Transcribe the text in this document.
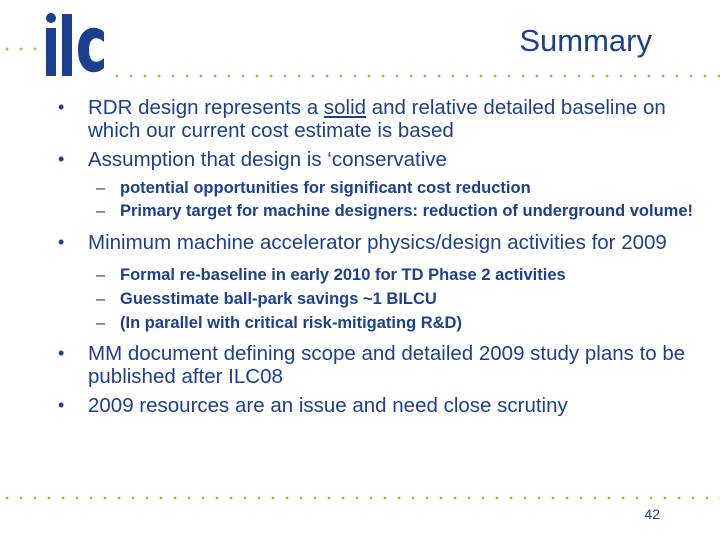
Summary
• RDR design represents a solid and relative detailed baseline on which our current cost estimate is based
• Assumption that design is ‘conservative
– potential opportunities for significant cost reduction
– Primary target for machine designers: reduction of underground volume!
• Minimum machine accelerator physics/design activities for 2009
– Formal re-baseline in early 2010 for TD Phase 2 activities
– Guesstimate ball-park savings ~1 BILCU
– (In parallel with critical risk-mitigating R&D)
• MM document defining scope and detailed 2009 study plans to be published after ILC08
• 2009 resources are an issue and need close scrutiny
42
